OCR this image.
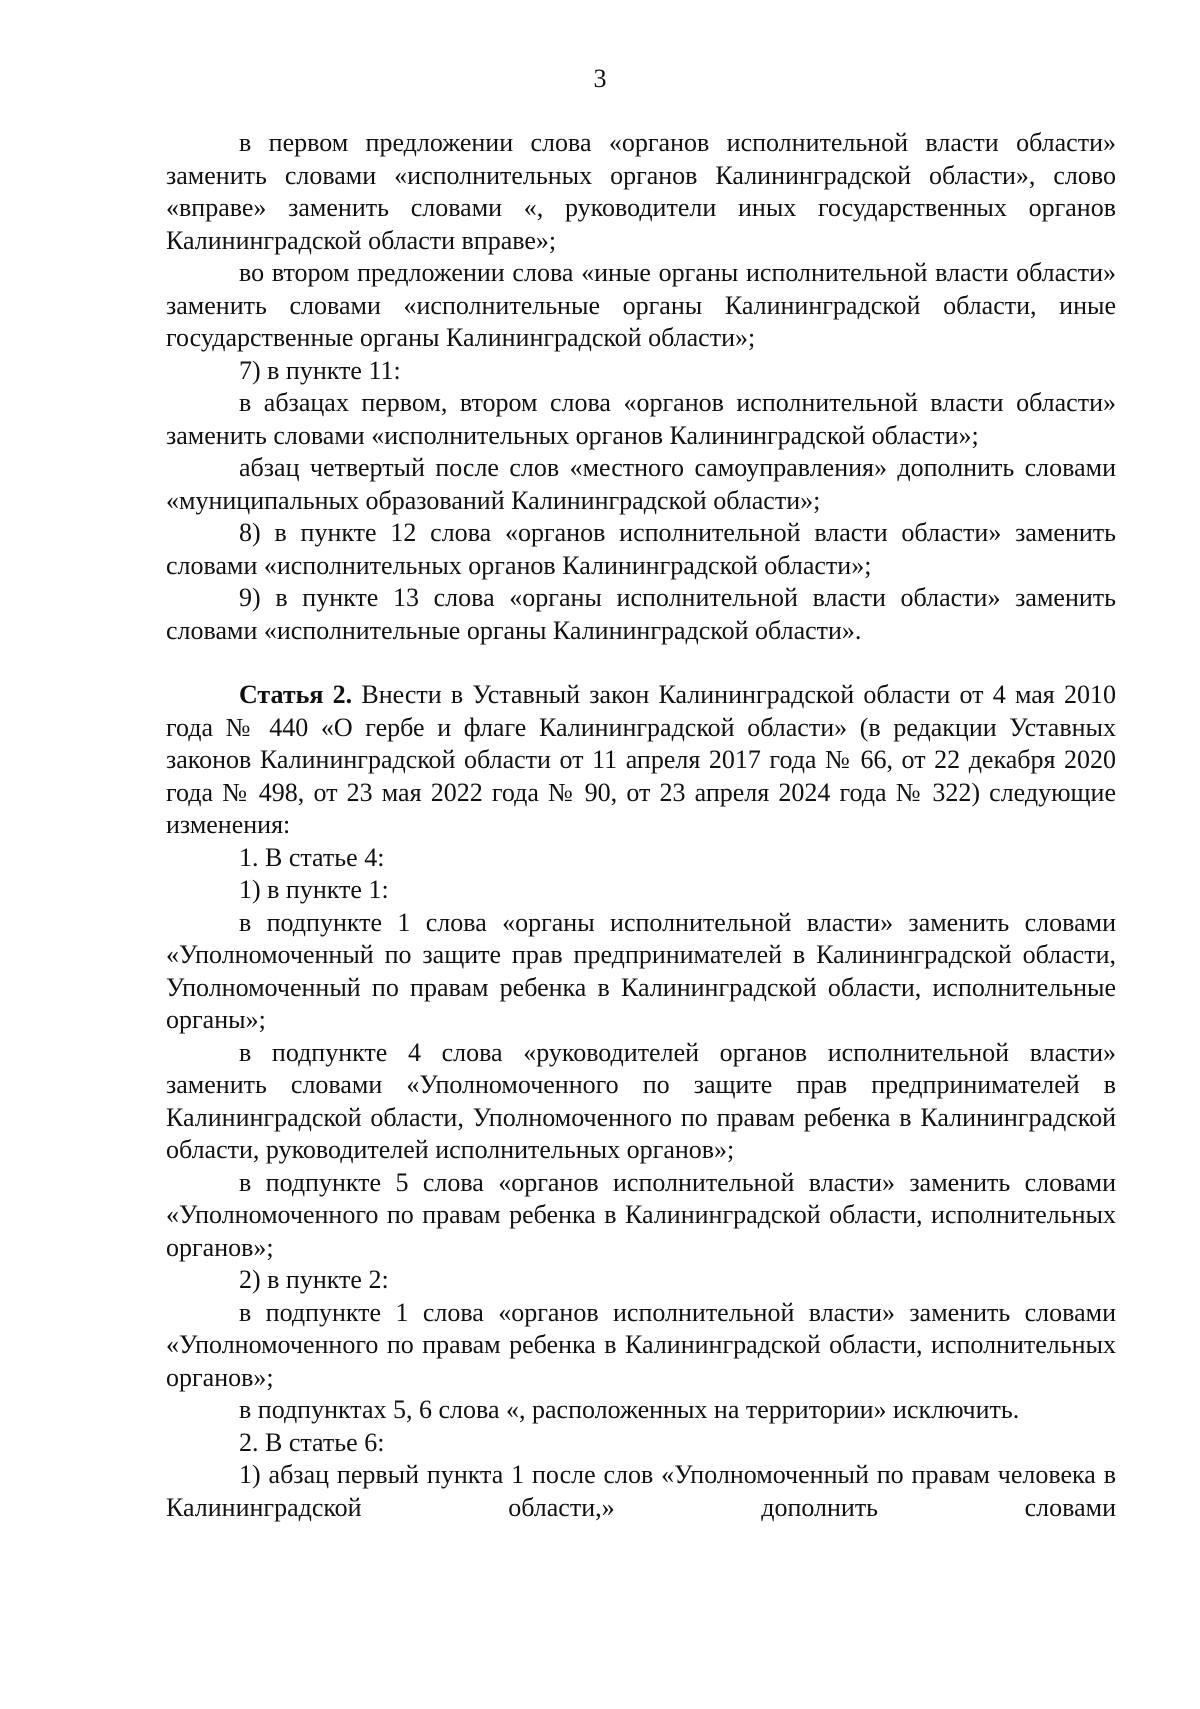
3

в первом предложении слова «органов исполнительной власти области» заменить словами «исполнительных органов Калининградской области», слово «вправе» заменить словами «, руководители иных государственных органов Калининградской области вправе»;

во втором предложении слова «иные органы исполнительной власти области» заменить словами «исполнительные органы Калининградской области, иные государственные органы Калининградской области»;

7) в пункте 11:

в абзацах первом, втором слова «органов исполнительной власти области» заменить словами «исполнительных органов Калининградской области»;

абзац четвертый после слов «местного самоуправления» дополнить словами «муниципальных образований Калининградской области»;

8) в пункте 12 слова «органов исполнительной власти области» заменить словами «исполнительных органов Калининградской области»;

9) в пункте 13 слова «органы исполнительной власти области» заменить словами «исполнительные органы Калининградской области».

Статья 2. Внести в Уставный закон Калининградской области от 4 мая 2010 года № 440 «О гербе и флаге Калининградской области» (в редакции Уставных законов Калининградской области от 11 апреля 2017 года № 66, от 22 декабря 2020 года № 498, от 23 мая 2022 года № 90, от 23 апреля 2024 года № 322) следующие изменения:

1. В статье 4:

1) в пункте 1:

в подпункте 1 слова «органы исполнительной власти» заменить словами «Уполномоченный по защите прав предпринимателей в Калининградской области, Уполномоченный по правам ребенка в Калининградской области, исполнительные органы»;

в подпункте 4 слова «руководителей органов исполнительной власти» заменить словами «Уполномоченного по защите прав предпринимателей в Калининградской области, Уполномоченного по правам ребенка в Калининградской области, руководителей исполнительных органов»;

в подпункте 5 слова «органов исполнительной власти» заменить словами «Уполномоченного по правам ребенка в Калининградской области, исполнительных органов»;

2) в пункте 2:

в подпункте 1 слова «органов исполнительной власти» заменить словами «Уполномоченного по правам ребенка в Калининградской области, исполнительных органов»;

в подпунктах 5, 6 слова «, расположенных на территории» исключить.

2. В статье 6:

1) абзац первый пункта 1 после слов «Уполномоченный по правам человека в Калининградской области,» дополнить словами
